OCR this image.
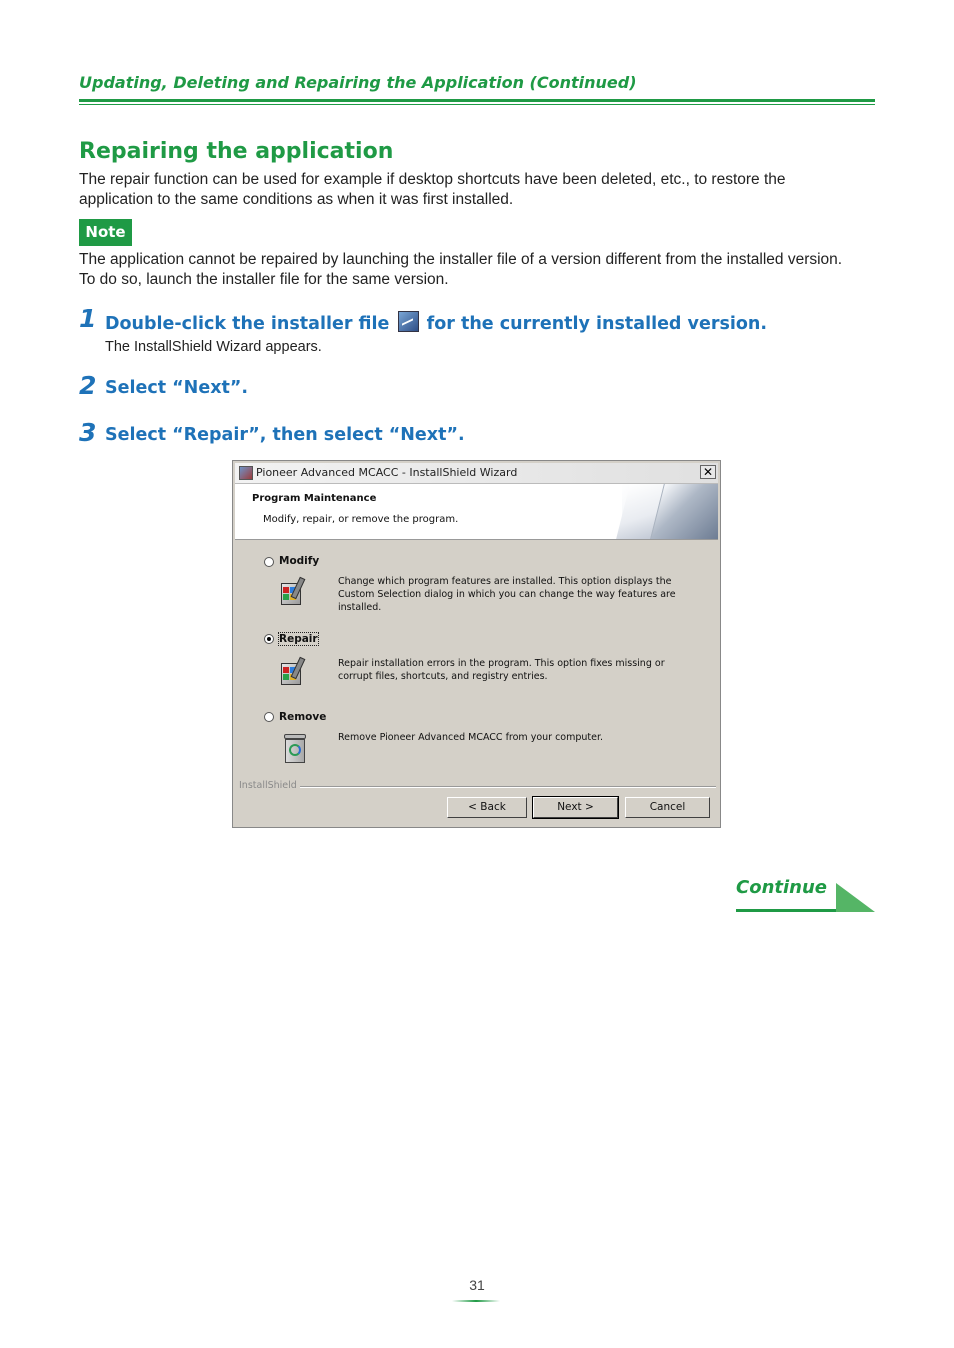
Updating, Deleting and Repairing the Application (Continued)
Repairing the application
The repair function can be used for example if desktop shortcuts have been deleted, etc., to restore the application to the same conditions as when it was first installed.
Note
The application cannot be repaired by launching the installer file of a version different from the installed version. To do so, launch the installer file for the same version.
1 Double-click the installer file for the currently installed version.
The InstallShield Wizard appears.
2 Select “Next”.
3 Select “Repair”, then select “Next”.
Pioneer Advanced MCACC - InstallShield Wizard	✕
Program Maintenance
Modify, repair, or remove the program.
Modify
Change which program features are installed. This option displays the Custom Selection dialog in which you can change the way features are installed.
Repair
Repair installation errors in the program. This option fixes missing or corrupt files, shortcuts, and registry entries.
Remove
Remove Pioneer Advanced MCACC from your computer.
InstallShield
< Back	Next >	Cancel
Continue
31
